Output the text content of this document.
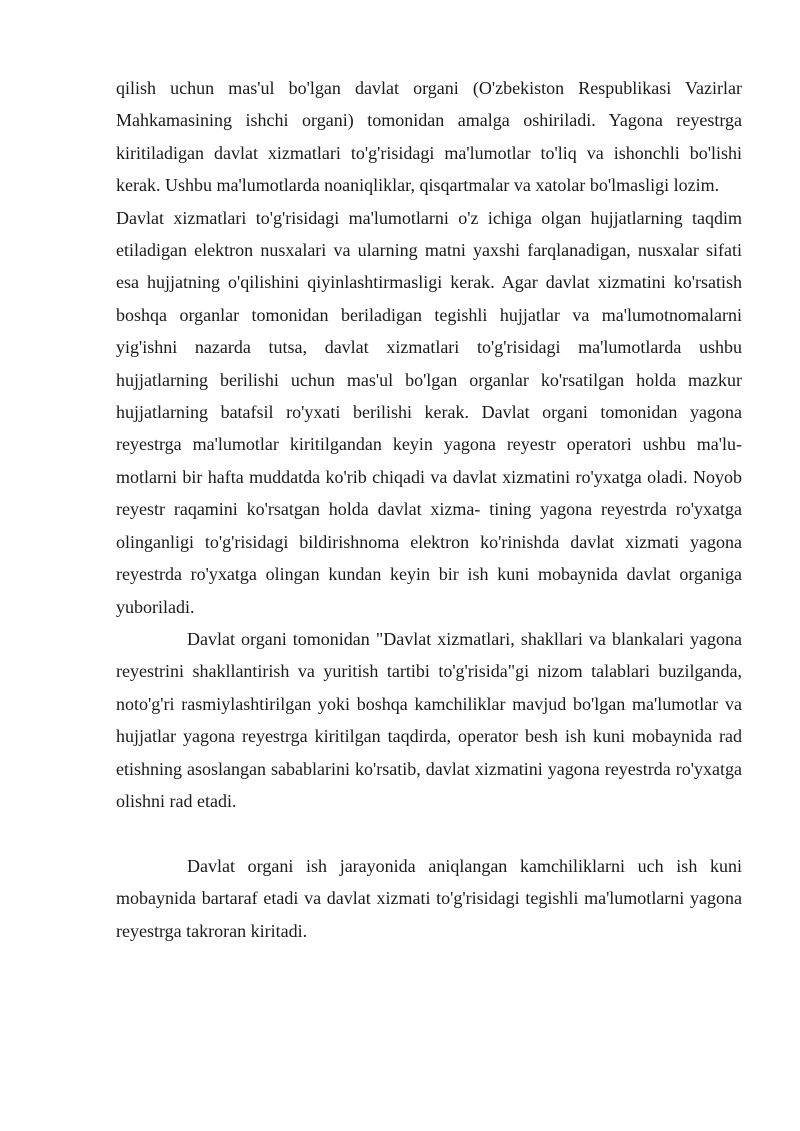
qilish uchun mas'ul bo'lgan davlat organi (O'zbekiston Respublikasi Vazirlar Mahkamasining ishchi organi) tomonidan amalga oshiriladi. Yagona reyestrga kiritiladigan davlat xizmatlari to'g'risidagi ma'lumotlar to'liq va ishonchli bo'lishi kerak. Ushbu ma'lumotlarda noaniqliklar, qisqartmalar va xatolar bo'lmasligi lozim.

Davlat xizmatlari to'g'risidagi ma'lumotlarni o'z ichiga olgan hujjatlarning taqdim etiladigan elektron nusxalari va ularning matni yaxshi farqlanadigan, nusxalar sifati esa hujjatning o'qilishini qiyinlashtirmasligi kerak. Agar davlat xizmatini ko'rsatish boshqa organlar tomonidan beriladigan tegishli hujjatlar va ma'lumotnomalarni yig'ishni nazarda tutsa, davlat xizmatlari to'g'risidagi ma'lumotlarda ushbu hujjatlarning berilishi uchun mas'ul bo'lgan organlar ko'rsatilgan holda mazkur hujjatlarning batafsil ro'yxati berilishi kerak. Davlat organi tomonidan yagona reyestrga ma'lumotlar kiritilgandan keyin yagona reyestr operatori ushbu ma'lu-motlarni bir hafta muddatda ko'rib chiqadi va davlat xizmatini ro'yxatga oladi. Noyob reyestr raqamini ko'rsatgan holda davlat xizma- tining yagona reyestrda ro'yxatga olinganligi to'g'risidagi bildirishnoma elektron ko'rinishda davlat xizmati yagona reyestrda ro'yxatga olingan kundan keyin bir ish kuni mobaynida davlat organiga yuboriladi.

Davlat organi tomonidan "Davlat xizmatlari, shakllari va blankalari yagona reyestrini shakllantirish va yuritish tartibi to'g'risida"gi nizom talablari buzilganda, noto'g'ri rasmiylashtirilgan yoki boshqa kamchiliklar mavjud bo'lgan ma'lumotlar va hujjatlar yagona reyestrga kiritilgan taqdirda, operator besh ish kuni mobaynida rad etishning asoslangan sabablarini ko'rsatib, davlat xizmatini yagona reyestrda ro'yxatga olishni rad etadi.

Davlat organi ish jarayonida aniqlangan kamchiliklarni uch ish kuni mobaynida bartaraf etadi va davlat xizmati to'g'risidagi tegishli ma'lumotlarni yagona reyestrga takroran kiritadi.
